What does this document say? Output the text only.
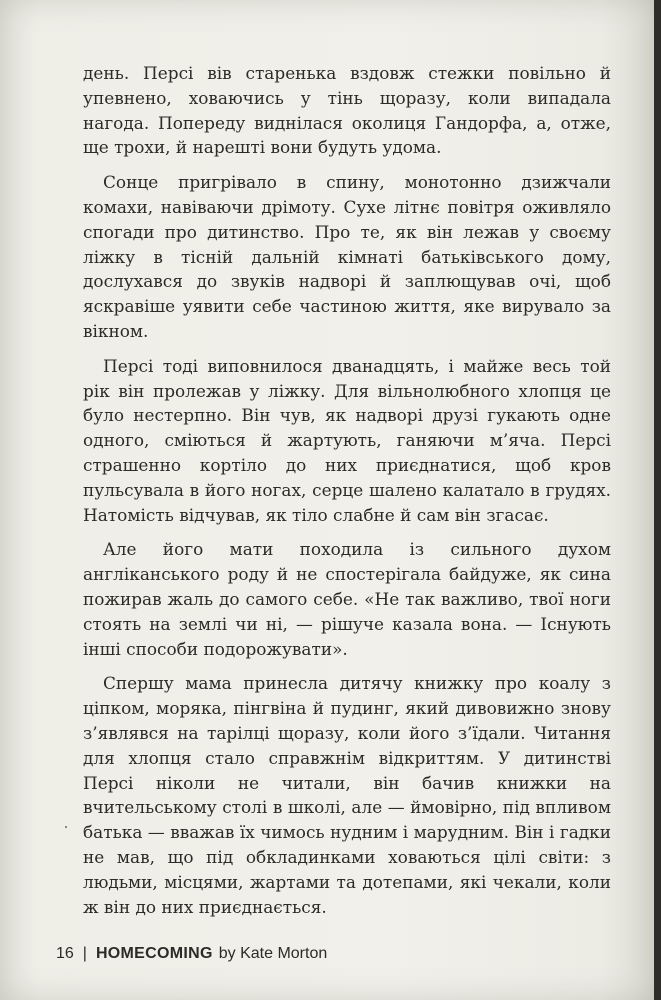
день. Персі вів старенька вздовж стежки повільно й упевнено, ховаючись у тінь щоразу, коли випадала нагода. Попереду виднілася околиця Гандорфа, а, отже, ще трохи, й нарешті вони будуть удома.

Сонце пригрівало в спину, монотонно дзижчали комахи, навіваючи дрімоту. Сухе літнє повітря оживляло спогади про дитинство. Про те, як він лежав у своєму ліжку в тісній дальній кімнаті батьківського дому, дослухався до звуків надворі й заплющував очі, щоб яскравіше уявити себе частиною життя, яке вирувало за вікном.

Персі тоді виповнилося дванадцять, і майже весь той рік він пролежав у ліжку. Для вільнолюбного хлопця це було нестерпно. Він чув, як надворі друзі гукають одне одного, сміються й жартують, ганяючи м’яча. Персі страшенно кортіло до них приєднатися, щоб кров пульсувала в його ногах, серце шалено калатало в грудях. Натомість відчував, як тіло слабне й сам він згасає.

Але його мати походила із сильного духом англіканського роду й не спостерігала байдуже, як сина пожирав жаль до самого себе. «Не так важливо, твої ноги стоять на землі чи ні, — рішуче казала вона. — Існують інші способи подорожувати».

Спершу мама принесла дитячу книжку про коалу з ціпком, моряка, пінгвіна й пудинг, який дивовижно знову з’являвся на тарілці щоразу, коли його з’їдали. Читання для хлопця стало справжнім відкриттям. У дитинстві Персі ніколи не читали, він бачив книжки на вчительському столі в школі, але — ймовірно, під впливом батька — вважав їх чимось нудним і марудним. Він і гадки не мав, що під обкладинками ховаються цілі світи: з людьми, місцями, жартами та дотепами, які чекали, коли ж він до них приєднається.

16 | HOMECOMING by Kate Morton
